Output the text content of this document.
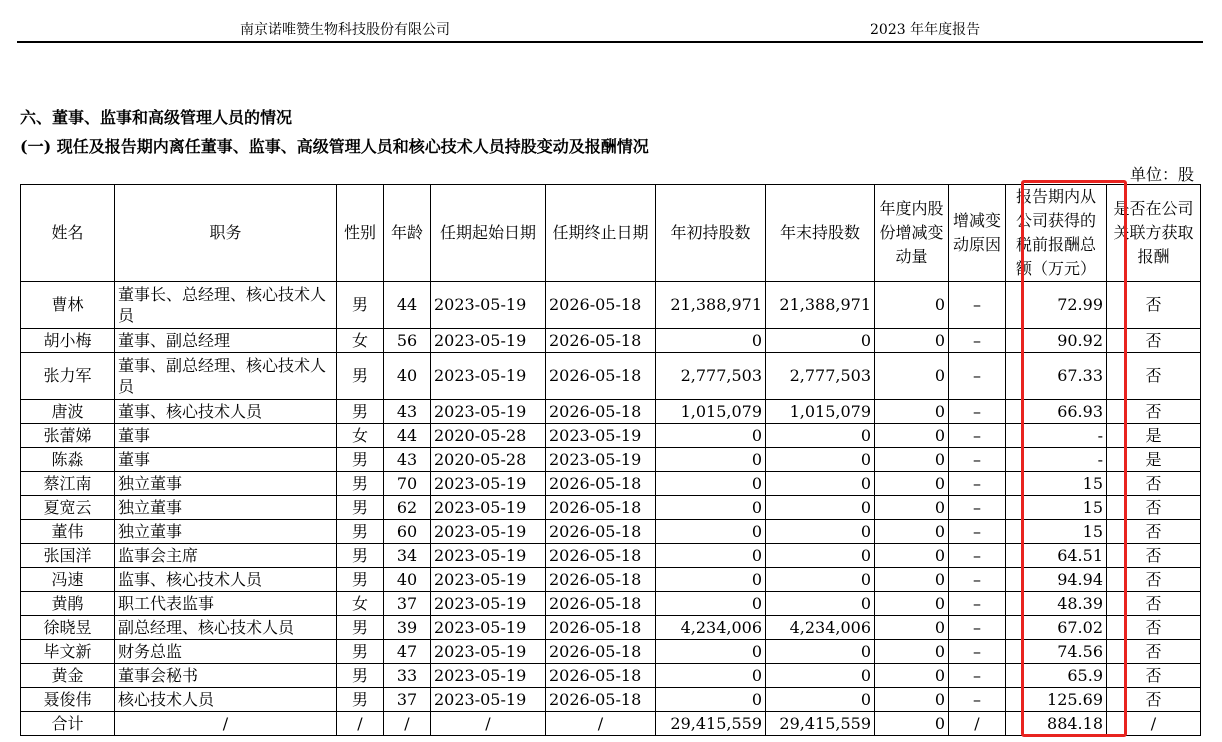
南京诺唯赞生物科技股份有限公司	2023 年年度报告
六、董事、监事和高级管理人员的情况
(一) 现任及报告期内离任董事、监事、高级管理人员和核心技术人员持股变动及报酬情况
单位：股
姓名	职务	性别	年龄	任期起始日期	任期终止日期	年初持股数	年末持股数	年度内股份增减变动量	增减变动原因	报告期内从公司获得的税前报酬总额（万元）	是否在公司关联方获取报酬
曹林	董事长、总经理、核心技术人员	男	44	2023-05-19	2026-05-18	21,388,971	21,388,971	0	–	72.99	否
胡小梅	董事、副总经理	女	56	2023-05-19	2026-05-18	0	0	0	–	90.92	否
张力军	董事、副总经理、核心技术人员	男	40	2023-05-19	2026-05-18	2,777,503	2,777,503	0	–	67.33	否
唐波	董事、核心技术人员	男	43	2023-05-19	2026-05-18	1,015,079	1,015,079	0	–	66.93	否
张蕾娣	董事	女	44	2020-05-28	2023-05-19	0	0	0	–	-	是
陈淼	董事	男	43	2020-05-28	2023-05-19	0	0	0	–	-	是
蔡江南	独立董事	男	70	2023-05-19	2026-05-18	0	0	0	–	15	否
夏宽云	独立董事	男	62	2023-05-19	2026-05-18	0	0	0	–	15	否
董伟	独立董事	男	60	2023-05-19	2026-05-18	0	0	0	–	15	否
张国洋	监事会主席	男	34	2023-05-19	2026-05-18	0	0	0	–	64.51	否
冯速	监事、核心技术人员	男	40	2023-05-19	2026-05-18	0	0	0	–	94.94	否
黄鹃	职工代表监事	女	37	2023-05-19	2026-05-18	0	0	0	–	48.39	否
徐晓昱	副总经理、核心技术人员	男	39	2023-05-19	2026-05-18	4,234,006	4,234,006	0	–	67.02	否
毕文新	财务总监	男	47	2023-05-19	2026-05-18	0	0	0	–	74.56	否
黄金	董事会秘书	男	33	2023-05-19	2026-05-18	0	0	0	–	65.9	否
聂俊伟	核心技术人员	男	37	2023-05-19	2026-05-18	0	0	0	–	125.69	否
合计	/	/	/	/	/	29,415,559	29,415,559	0	/	884.18	/
